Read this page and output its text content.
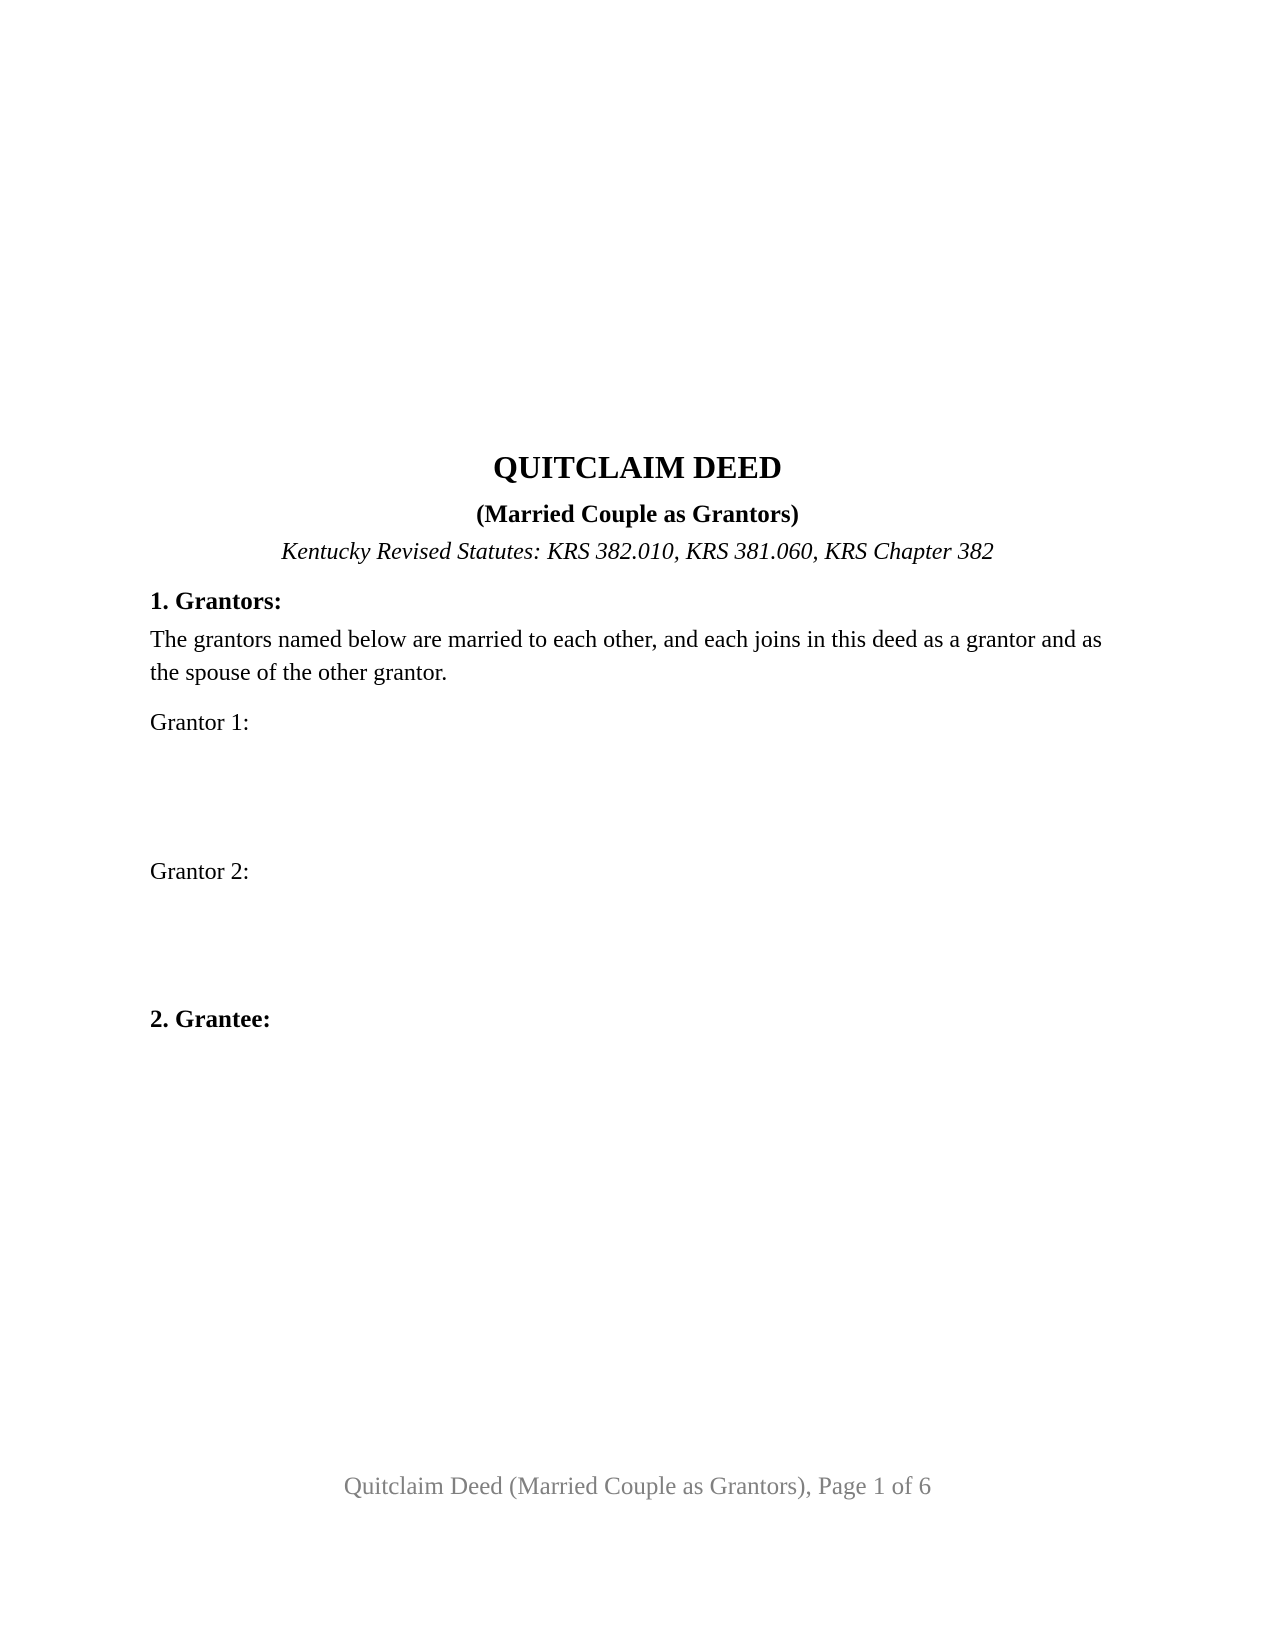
QUITCLAIM DEED
(Married Couple as Grantors)
Kentucky Revised Statutes: KRS 382.010, KRS 381.060, KRS Chapter 382
1. Grantors:
The grantors named below are married to each other, and each joins in this deed as a grantor and as the spouse of the other grantor.
Grantor 1:
Grantor 2:
2. Grantee:
Quitclaim Deed (Married Couple as Grantors), Page 1 of 6
